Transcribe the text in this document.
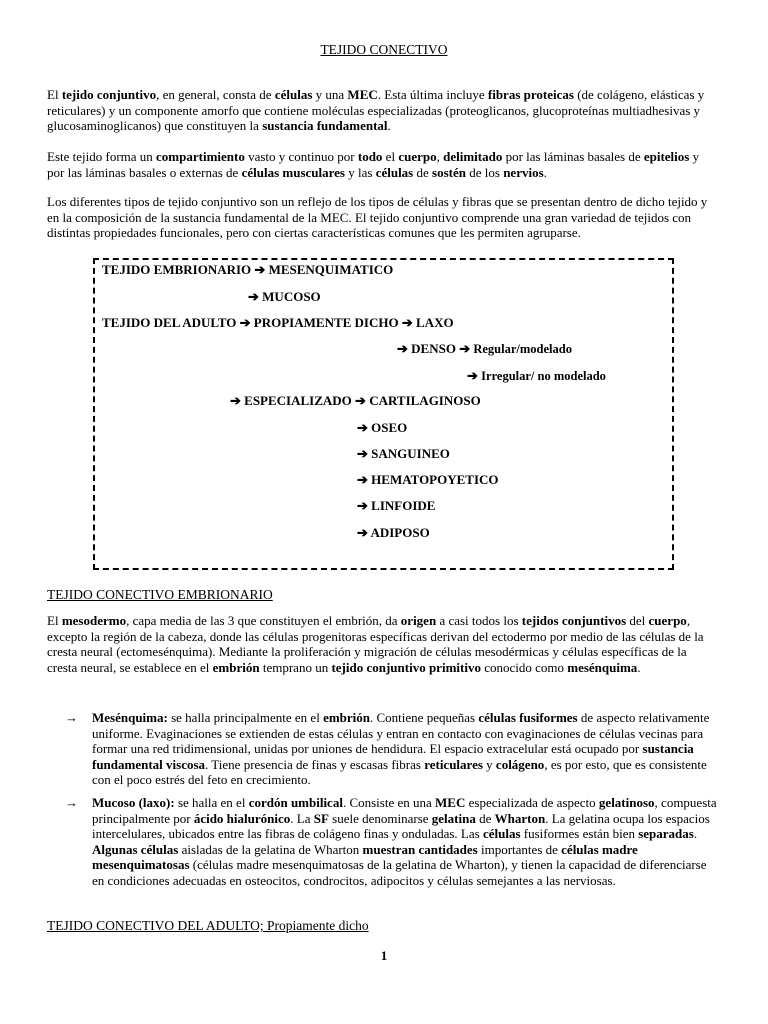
TEJIDO CONECTIVO

El tejido conjuntivo, en general, consta de células y una MEC. Esta última incluye fibras proteicas (de colágeno, elásticas y reticulares) y un componente amorfo que contiene moléculas especializadas (proteoglicanos, glucoproteínas multiadhesivas y glucosaminoglicanos) que constituyen la sustancia fundamental.

Este tejido forma un compartimiento vasto y continuo por todo el cuerpo, delimitado por las láminas basales de epitelios y por las láminas basales o externas de células musculares y las células de sostén de los nervios.

Los diferentes tipos de tejido conjuntivo son un reflejo de los tipos de células y fibras que se presentan dentro de dicho tejido y en la composición de la sustancia fundamental de la MEC. El tejido conjuntivo comprende una gran variedad de tejidos con distintas propiedades funcionales, pero con ciertas características comunes que les permiten agruparse.

TEJIDO EMBRIONARIO ➔ MESENQUIMATICO
➔ MUCOSO
TEJIDO DEL ADULTO ➔ PROPIAMENTE DICHO ➔ LAXO
➔ DENSO ➔ Regular/modelado
➔ Irregular/ no modelado
➔ ESPECIALIZADO ➔ CARTILAGINOSO
➔ OSEO
➔ SANGUINEO
➔ HEMATOPOYETICO
➔ LINFOIDE
➔ ADIPOSO
TEJIDO CONECTIVO EMBRIONARIO

El mesodermo, capa media de las 3 que constituyen el embrión, da origen a casi todos los tejidos conjuntivos del cuerpo, excepto la región de la cabeza, donde las células progenitoras específicas derivan del ectodermo por medio de las células de la cresta neural (ectomesénquima). Mediante la proliferación y migración de células mesodérmicas y células específicas de la cresta neural, se establece en el embrión temprano un tejido conjuntivo primitivo conocido como mesénquima.

→ Mesénquima: se halla principalmente en el embrión. Contiene pequeñas células fusiformes de aspecto relativamente uniforme. Evaginaciones se extienden de estas células y entran en contacto con evaginaciones de células vecinas para formar una red tridimensional, unidas por uniones de hendidura. El espacio extracelular está ocupado por sustancia fundamental viscosa. Tiene presencia de finas y escasas fibras reticulares y colágeno, es por esto, que es consistente con el poco estrés del feto en crecimiento.
→ Mucoso (laxo): se halla en el cordón umbilical. Consiste en una MEC especializada de aspecto gelatinoso, compuesta principalmente por ácido hialurónico. La SF suele denominarse gelatina de Wharton. La gelatina ocupa los espacios intercelulares, ubicados entre las fibras de colágeno finas y onduladas. Las células fusiformes están bien separadas. Algunas células aisladas de la gelatina de Wharton muestran cantidades importantes de células madre mesenquimatosas (células madre mesenquimatosas de la gelatina de Wharton), y tienen la capacidad de diferenciarse en condiciones adecuadas en osteocitos, condrocitos, adipocitos y células semejantes a las nerviosas.
TEJIDO CONECTIVO DEL ADULTO; Propiamente dicho
1
